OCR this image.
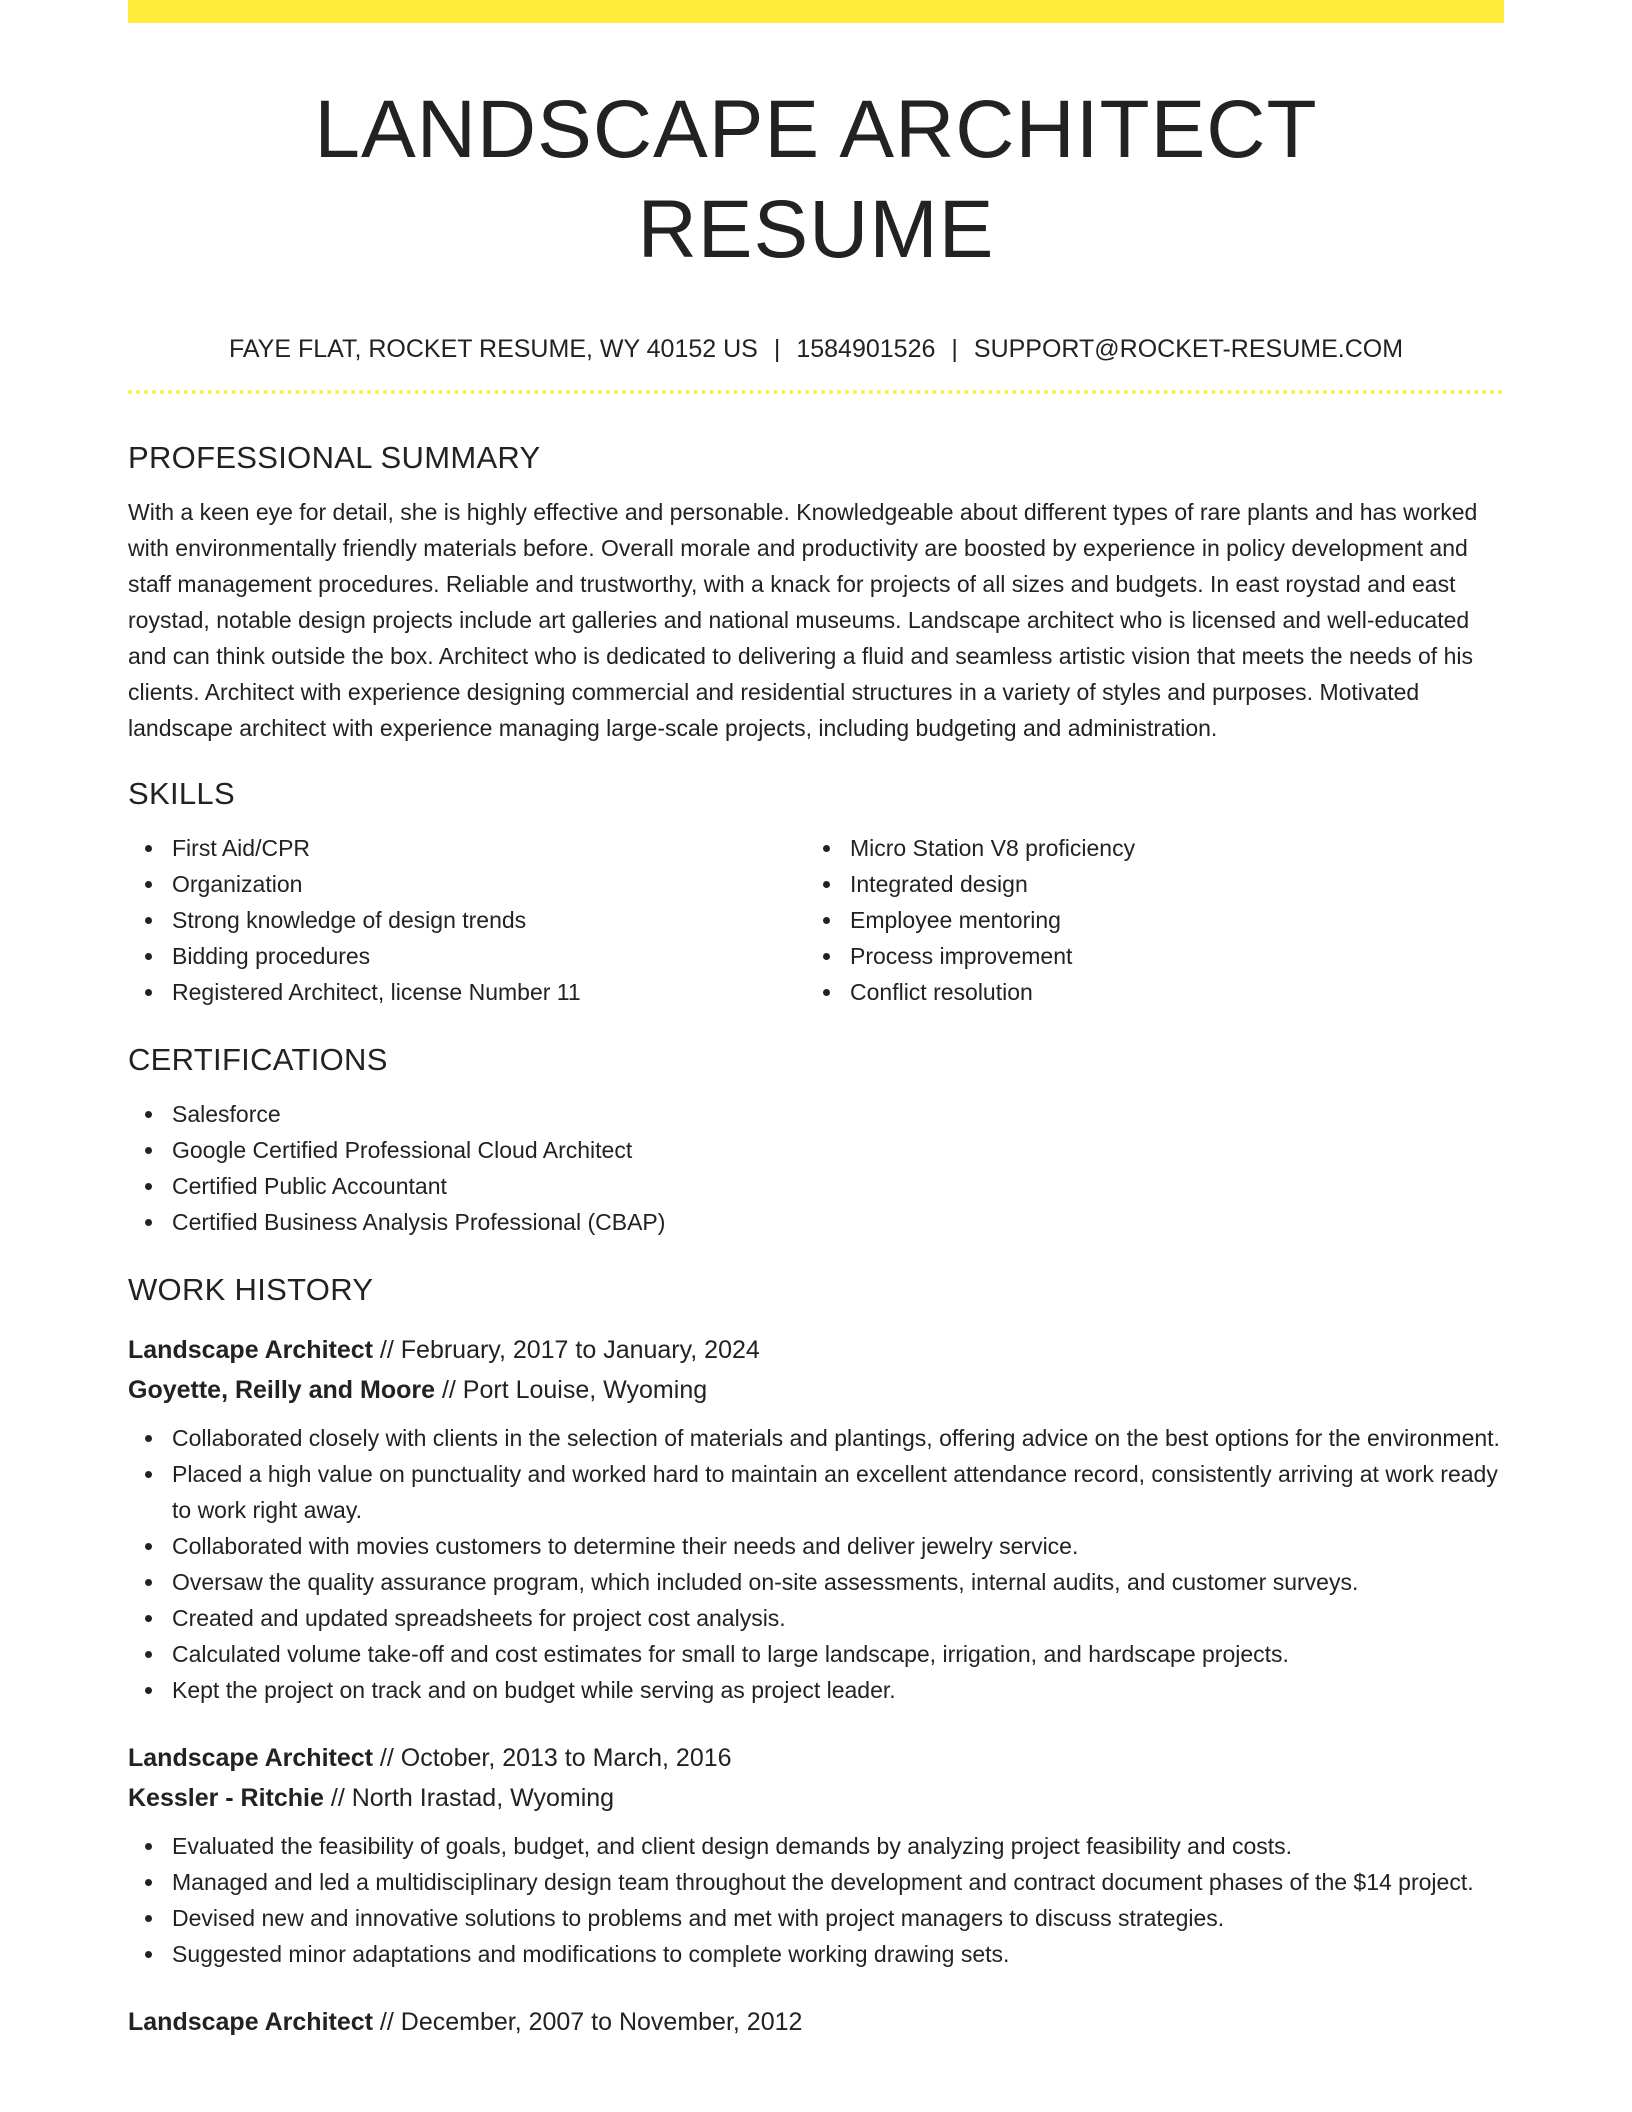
LANDSCAPE ARCHITECT RESUME
FAYE FLAT, ROCKET RESUME, WY 40152 US | 1584901526 | SUPPORT@ROCKET-RESUME.COM
PROFESSIONAL SUMMARY

With a keen eye for detail, she is highly effective and personable. Knowledgeable about different types of rare plants and has worked with environmentally friendly materials before. Overall morale and productivity are boosted by experience in policy development and staff management procedures. Reliable and trustworthy, with a knack for projects of all sizes and budgets. In east roystad and east roystad, notable design projects include art galleries and national museums. Landscape architect who is licensed and well-educated and can think outside the box. Architect who is dedicated to delivering a fluid and seamless artistic vision that meets the needs of his clients. Architect with experience designing commercial and residential structures in a variety of styles and purposes. Motivated landscape architect with experience managing large-scale projects, including budgeting and administration.

SKILLS
First Aid/CPR
Organization
Strong knowledge of design trends
Bidding procedures
Registered Architect, license Number 11
Micro Station V8 proficiency
Integrated design
Employee mentoring
Process improvement
Conflict resolution
CERTIFICATIONS
Salesforce
Google Certified Professional Cloud Architect
Certified Public Accountant
Certified Business Analysis Professional (CBAP)
WORK HISTORY
Landscape Architect // February, 2017 to January, 2024
Goyette, Reilly and Moore // Port Louise, Wyoming
Collaborated closely with clients in the selection of materials and plantings, offering advice on the best options for the environment.
Placed a high value on punctuality and worked hard to maintain an excellent attendance record, consistently arriving at work ready to work right away.
Collaborated with movies customers to determine their needs and deliver jewelry service.
Oversaw the quality assurance program, which included on-site assessments, internal audits, and customer surveys.
Created and updated spreadsheets for project cost analysis.
Calculated volume take-off and cost estimates for small to large landscape, irrigation, and hardscape projects.
Kept the project on track and on budget while serving as project leader.
Landscape Architect // October, 2013 to March, 2016
Kessler - Ritchie // North Irastad, Wyoming
Evaluated the feasibility of goals, budget, and client design demands by analyzing project feasibility and costs.
Managed and led a multidisciplinary design team throughout the development and contract document phases of the $14 project.
Devised new and innovative solutions to problems and met with project managers to discuss strategies.
Suggested minor adaptations and modifications to complete working drawing sets.
Landscape Architect // December, 2007 to November, 2012
